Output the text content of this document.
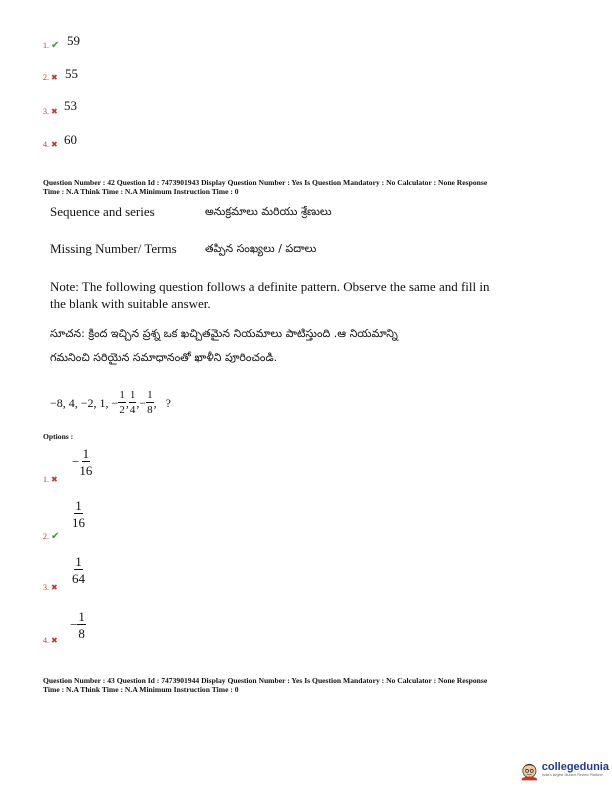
1. ✔ 59
2. ✖ 55
3. ✖ 53
4. ✖ 60
Question Number : 42 Question Id : 7473901943 Display Question Number : Yes Is Question Mandatory : No Calculator : None Response
Time : N.A Think Time : N.A Minimum Instruction Time : 0
Sequence and series	అనుక్రమాలు మరియు శ్రేణులు
Missing Number/ Terms	తప్పిన సంఖ్యలు / పదాలు
Note: The following question follows a definite pattern. Observe the same and fill in
the blank with suitable answer.
సూచన: క్రింద ఇచ్చిన ప్రశ్న ఒక ఖచ్చితమైన నియమాలు పాటిస్తుంది .ఆ నియమాన్ని
గమనించి సరియైన సమాధానంతో ఖాళీని పూరించండి.
−8, 4, −2, 1, − $\frac{1}{2}$ , $\frac{1}{4}$ ,− $\frac{1}{8}$ ,   ?
Options :
1. ✖
− $\frac{1}{16}$
2. ✔
$\frac{1}{16}$
3. ✖
$\frac{1}{64}$
4. ✖
− $\frac{1}{8}$
Question Number : 43 Question Id : 7473901944 Display Question Number : Yes Is Question Mandatory : No Calculator : None Response
Time : N.A Think Time : N.A Minimum Instruction Time : 0
collegedunia
India's largest Student Review Platform
